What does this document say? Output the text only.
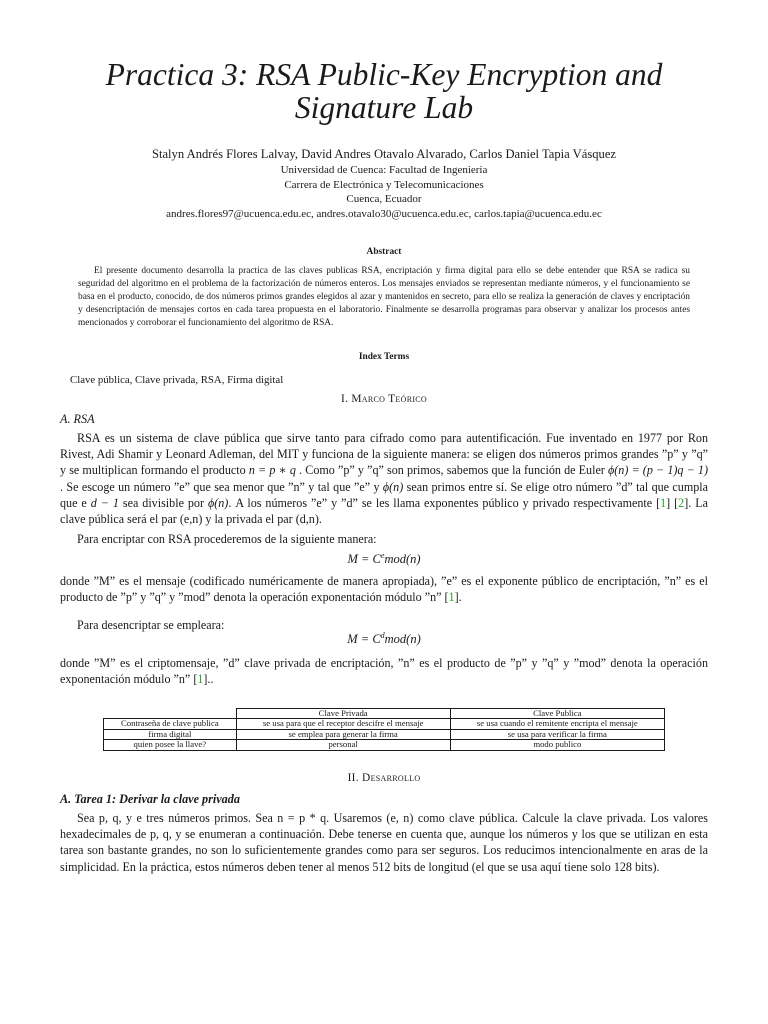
Practica 3: RSA Public-Key Encryption and
Signature Lab
Stalyn Andrés Flores Lalvay, David Andres Otavalo Alvarado, Carlos Daniel Tapia Vásquez
Universidad de Cuenca: Facultad de Ingeniería
Carrera de Electrónica y Telecomunicaciones
Cuenca, Ecuador
andres.flores97@ucuenca.edu.ec, andres.otavalo30@ucuenca.edu.ec, carlos.tapia@ucuenca.edu.ec
Abstract
El presente documento desarrolla la practica de las claves publicas RSA, encriptación y firma digital para ello se debe entender que RSA se radica su seguridad del algoritmo en el problema de la factorización de números enteros. Los mensajes enviados se representan mediante números, y el funcionamiento se basa en el producto, conocido, de dos números primos grandes elegidos al azar y mantenidos en secreto, para ello se realiza la generación de claves y encriptación y desencriptación de mensajes cortos en cada tarea propuesta en el laboratorio. Finalmente se desarrolla programas para observar y analizar los procesos antes mencionados y corroborar el funcionamiento del algoritmo de RSA.
Index Terms
Clave pública, Clave privada, RSA, Firma digital
I. Marco Teórico
A. RSA
RSA es un sistema de clave pública que sirve tanto para cifrado como para autentificación. Fue inventado en 1977 por Ron Rivest, Adi Shamir y Leonard Adleman, del MIT y funciona de la siguiente manera: se eligen dos números primos grandes ”p” y ”q” y se multiplican formando el producto n = p ∗ q . Como ”p” y ”q” son primos, sabemos que la función de Euler ϕ(n) = (p − 1)q − 1) . Se escoge un número ”e” que sea menor que ”n” y tal que ”e” y ϕ(n) sean primos entre sí. Se elige otro número ”d” tal que cumpla que e d − 1 sea divisible por ϕ(n). A los números ”e” y ”d” se les llama exponentes público y privado respectivamente [1] [2]. La clave pública será el par (e,n) y la privada el par (d,n).
Para encriptar con RSA procederemos de la siguiente manera:
$M = C^emod(n)$
donde ”M” es el mensaje (codificado numéricamente de manera apropiada), ”e” es el exponente público de encriptación, ”n” es el producto de ”p” y ”q” y ”mod” denota la operación exponentación módulo ”n” [1].
Para desencriptar se empleara:
$M = C^dmod(n)$
donde ”M” es el criptomensaje, ”d” clave privada de encriptación, ”n” es el producto de ”p” y ”q” y ”mod” denota la operación exponentación módulo ”n” [1]..
	Clave Privada	Clave Publica
Contraseña de clave publica	se usa para que el receptor descifre el mensaje	se usa cuando el remitente encripta el mensaje
firma digital	se emplea para generar la firma	se usa para verificar la firma
quien posee la llave?	personal	modo publico
II. Desarrollo
A. Tarea 1: Derivar la clave privada
Sea p, q, y e tres números primos. Sea n = p * q. Usaremos (e, n) como clave pública. Calcule la clave privada. Los valores hexadecimales de p, q, y se enumeran a continuación. Debe tenerse en cuenta que, aunque los números y los que se utilizan en esta tarea son bastante grandes, no son lo suficientemente grandes como para ser seguros. Los reducimos intencionalmente en aras de la simplicidad. En la práctica, estos números deben tener al menos 512 bits de longitud (el que se usa aquí tiene solo 128 bits).
